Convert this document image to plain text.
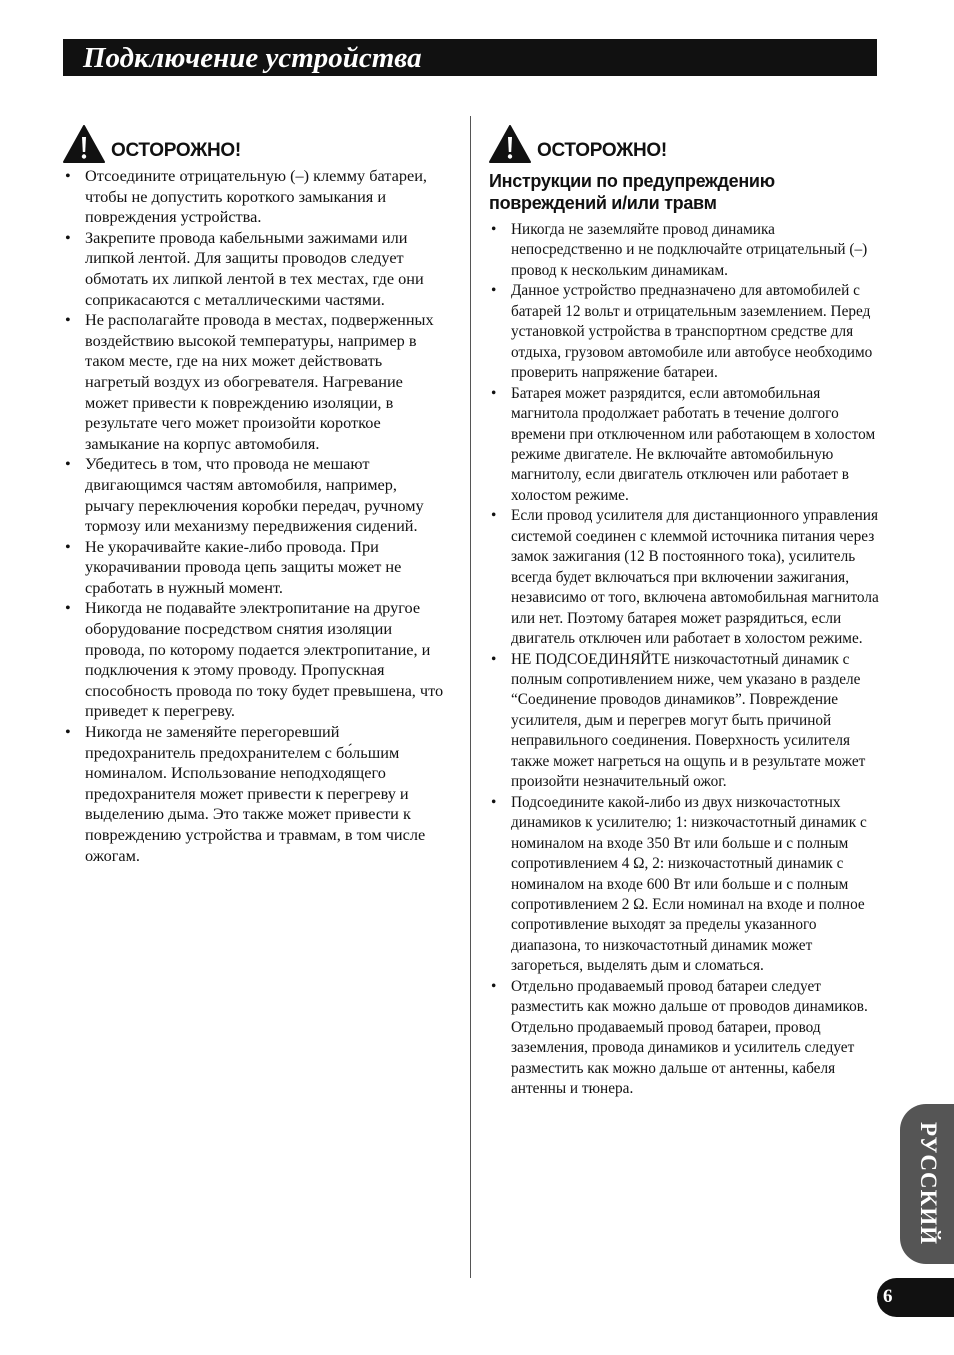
Подключение устройства
ОСТОРОЖНО!
• Отсоедините отрицательную (–) клемму батареи, чтобы не допустить короткого замыкания и повреждения устройства.
• Закрепите провода кабельными зажимами или липкой лентой. Для защиты проводов следует обмотать их липкой лентой в тех местах, где они соприкасаются с металлическими частями.
• Не располагайте провода в местах, подверженных воздействию высокой температуры, например в таком месте, где на них может действовать нагретый воздух из обогревателя. Нагревание может привести к повреждению изоляции, в результате чего может произойти короткое замыкание на корпус автомобиля.
• Убедитесь в том, что провода не мешают двигающимся частям автомобиля, например, рычагу переключения коробки передач, ручному тормозу или механизму передвижения сидений.
• Не укорачивайте какие-либо провода. При укорачивании провода цепь защиты может не сработать в нужный момент.
• Никогда не подавайте электропитание на другое оборудование посредством снятия изоляции провода, по которому подается электропитание, и подключения к этому проводу. Пропускная способность провода по току будет превышена, что приведет к перегреву.
• Никогда не заменяйте перегоревший предохранитель предохранителем с бо́льшим номиналом. Использование неподходящего предохранителя может привести к перегреву и выделению дыма. Это также может привести к повреждению устройства и травмам, в том числе ожогам.
ОСТОРОЖНО!
Инструкции по предупреждению повреждений и/или травм
• Никогда не заземляйте провод динамика непосредственно и не подключайте отрицательный (–) провод к нескольким динамикам.
• Данное устройство предназначено для автомобилей с батарей 12 вольт и отрицательным заземлением. Перед установкой устройства в транспортном средстве для отдыха, грузовом автомобиле или автобусе необходимо проверить напряжение батареи.
• Батарея может разрядится, если автомобильная магнитола продолжает работать в течение долгого времени при отключенном или работающем в холостом режиме двигателе. Не включайте автомобильную магнитолу, если двигатель отключен или работает в холостом режиме.
• Если провод усилителя для дистанционного управления системой соединен с клеммой источника питания через замок зажигания (12 В постоянного тока), усилитель всегда будет включаться при включении зажигания, независимо от того, включена автомобильная магнитола или нет. Поэтому батарея может разрядиться, если двигатель отключен или работает в холостом режиме.
• НЕ ПОДСОЕДИНЯЙТЕ низкочастотный динамик с полным сопротивлением ниже, чем указано в разделе “Соединение проводов динамиков”. Повреждение усилителя, дым и перегрев могут быть причиной неправильного соединения. Поверхность усилителя также может нагреться на ощупь и в результате может произойти незначительный ожог.
• Подсоедините какой-либо из двух низкочастотных динамиков к усилителю; 1: низкочастотный динамик с номиналом на входе 350 Вт или больше и с полным сопротивлением 4 Ω, 2: низкочастотный динамик с номиналом на входе 600 Вт или больше и с полным сопротивлением 2 Ω. Если номинал на входе и полное сопротивление выходят за пределы указанного диапазона, то низкочастотный динамик может загореться, выделять дым и сломаться.
• Отдельно продаваемый провод батареи следует разместить как можно дальше от проводов динамиков. Отдельно продаваемый провод батареи, провод заземления, провода динамиков и усилитель следует разместить как можно дальше от антенны, кабеля антенны и тюнера.
РУССКИЙ
6
